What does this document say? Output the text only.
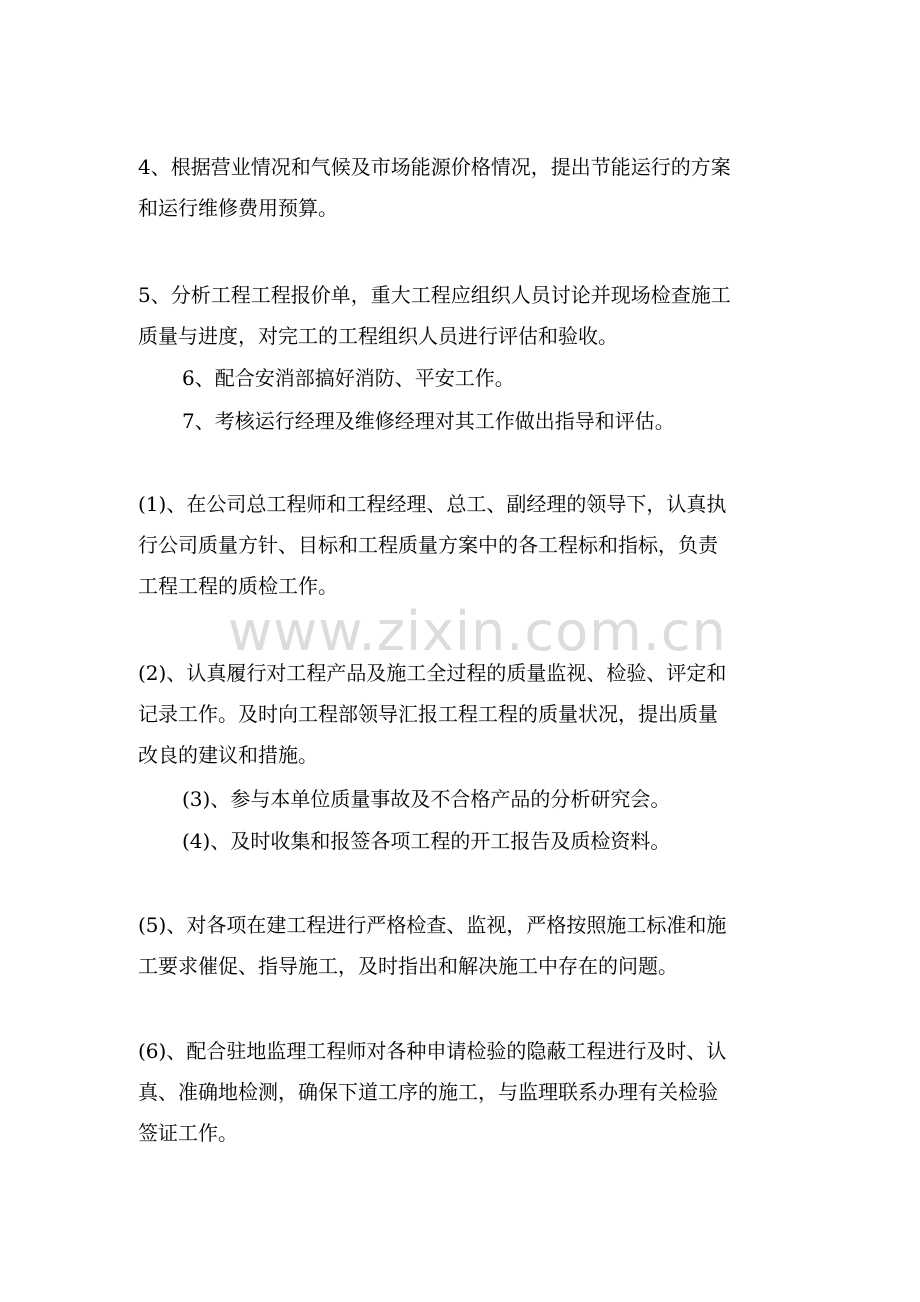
4、根据营业情况和气候及市场能源价格情况，提出节能运行的方案
和运行维修费用预算。

5、分析工程工程报价单，重大工程应组织人员讨论并现场检查施工
质量与进度，对完工的工程组织人员进行评估和验收。

6、配合安消部搞好消防、平安工作。

7、考核运行经理及维修经理对其工作做出指导和评估。

(1)、在公司总工程师和工程经理、总工、副经理的领导下，认真执
行公司质量方针、目标和工程质量方案中的各工程标和指标，负责
工程工程的质检工作。

(2)、认真履行对工程产品及施工全过程的质量监视、检验、评定和
记录工作。及时向工程部领导汇报工程工程的质量状况，提出质量
改良的建议和措施。

(3)、参与本单位质量事故及不合格产品的分析研究会。

(4)、及时收集和报签各项工程的开工报告及质检资料。

(5)、对各项在建工程进行严格检查、监视，严格按照施工标准和施
工要求催促、指导施工，及时指出和解决施工中存在的问题。

(6)、配合驻地监理工程师对各种申请检验的隐蔽工程进行及时、认
真、准确地检测，确保下道工序的施工，与监理联系办理有关检验
签证工作。

www.zixin.com.cn
